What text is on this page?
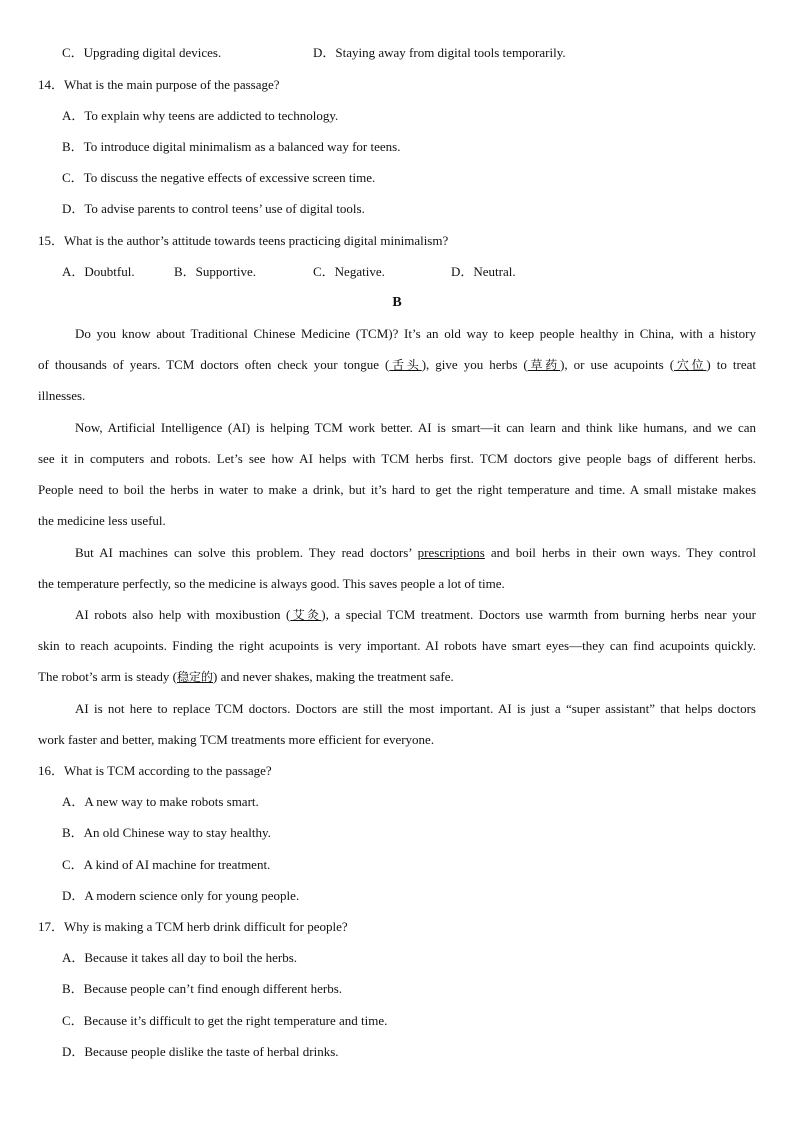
C．Upgrading digital devices.	D．Staying away from digital tools temporarily.
14．What is the main purpose of the passage?
A．To explain why teens are addicted to technology.
B．To introduce digital minimalism as a balanced way for teens.
C．To discuss the negative effects of excessive screen time.
D．To advise parents to control teens’ use of digital tools.
15．What is the author’s attitude towards teens practicing digital minimalism?
A．Doubtful.	B．Supportive.	C．Negative.	D．Neutral.
B
Do you know about Traditional Chinese Medicine (TCM)? It’s an old way to keep people healthy in China, with a history
of thousands of years. TCM doctors often check your tongue (舌头), give you herbs (草药), or use acupoints (穴位) to treat
illnesses.
Now, Artificial Intelligence (AI) is helping TCM work better. AI is smart—it can learn and think like humans, and we can
see it in computers and robots. Let’s see how AI helps with TCM herbs first. TCM doctors give people bags of different herbs.
People need to boil the herbs in water to make a drink, but it’s hard to get the right temperature and time. A small mistake makes
the medicine less useful.
But AI machines can solve this problem. They read doctors’ prescriptions and boil herbs in their own ways. They control
the temperature perfectly, so the medicine is always good. This saves people a lot of time.
AI robots also help with moxibustion (艾灸), a special TCM treatment. Doctors use warmth from burning herbs near your
skin to reach acupoints. Finding the right acupoints is very important. AI robots have smart eyes—they can find acupoints quickly.
The robot’s arm is steady (稳定的) and never shakes, making the treatment safe.
AI is not here to replace TCM doctors. Doctors are still the most important. AI is just a “super assistant” that helps doctors
work faster and better, making TCM treatments more efficient for everyone.
16．What is TCM according to the passage?
A．A new way to make robots smart.
B．An old Chinese way to stay healthy.
C．A kind of AI machine for treatment.
D．A modern science only for young people.
17．Why is making a TCM herb drink difficult for people?
A．Because it takes all day to boil the herbs.
B．Because people can’t find enough different herbs.
C．Because it’s difficult to get the right temperature and time.
D．Because people dislike the taste of herbal drinks.
